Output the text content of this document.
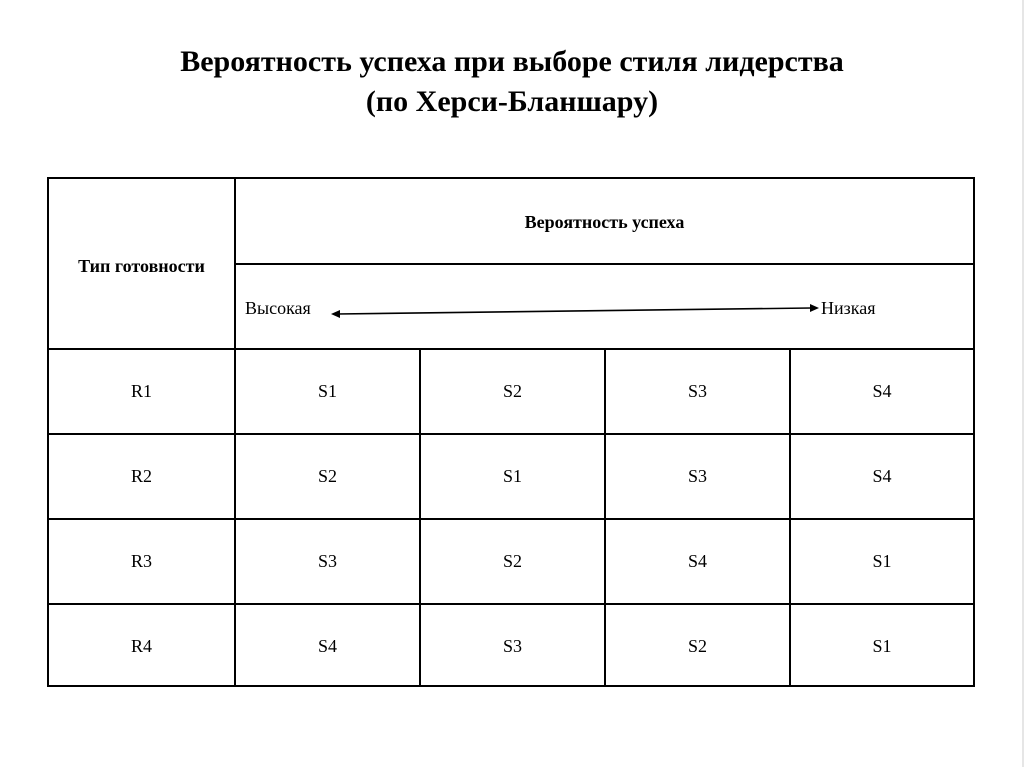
Вероятность успеха при выборе стиля лидерства
(по Херси-Бланшару)
Тип готовности
Вероятность успеха
Высокая	Низкая
R1	S1	S2	S3	S4
R2	S2	S1	S3	S4
R3	S3	S2	S4	S1
R4	S4	S3	S2	S1
